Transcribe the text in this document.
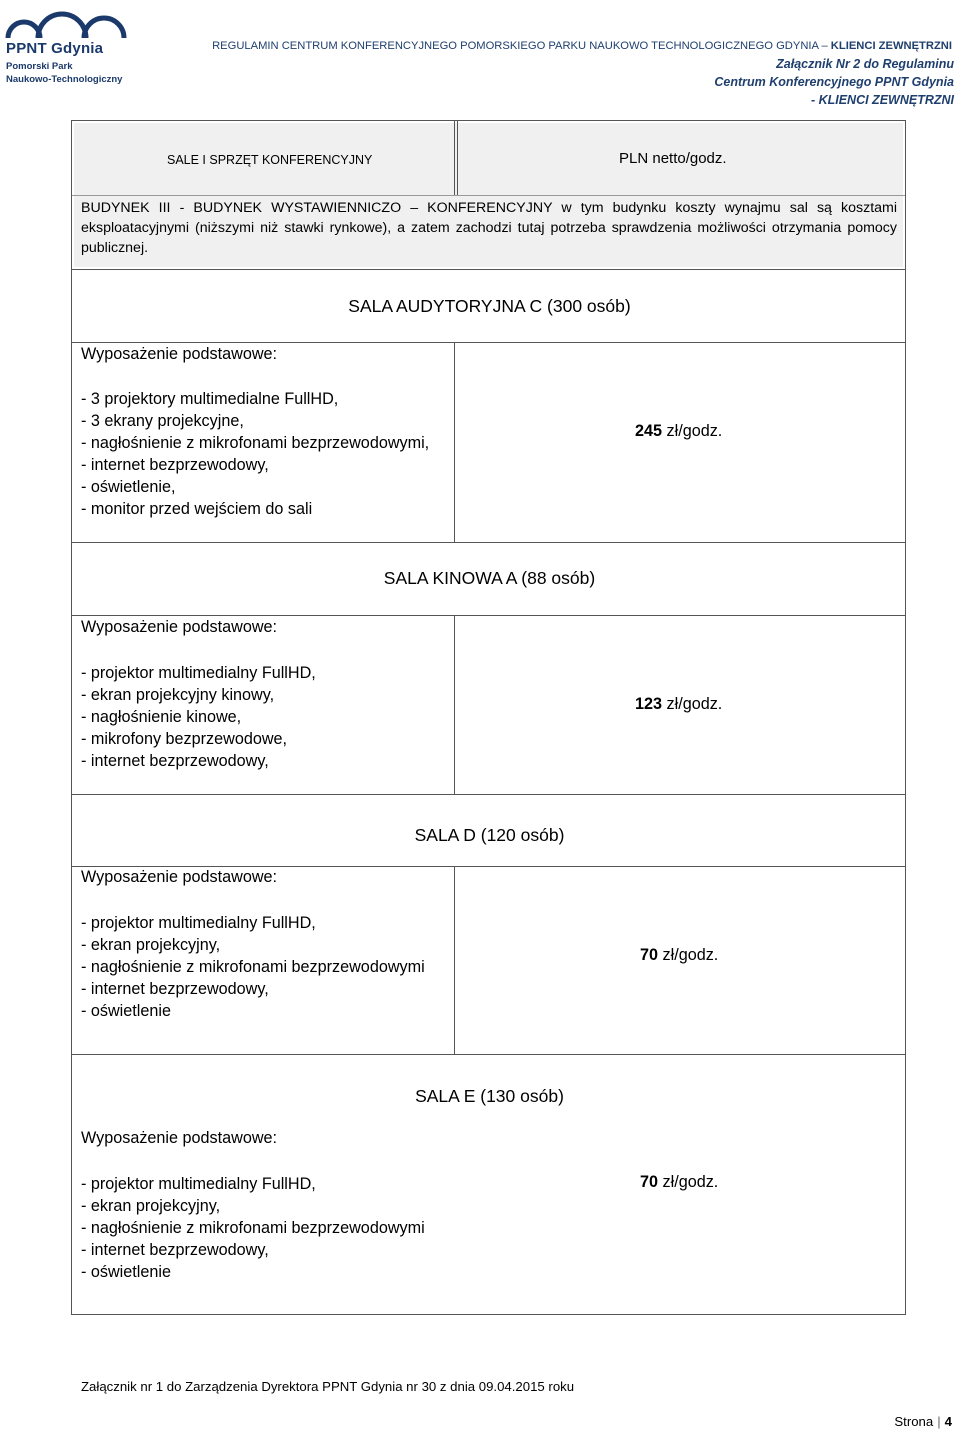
PPNT Gdynia
Pomorski Park
Naukowo-Technologiczny
REGULAMIN CENTRUM KONFERENCYJNEGO POMORSKIEGO PARKU NAUKOWO TECHNOLOGICZNEGO GDYNIA – KLIENCI ZEWNĘTRZNI
Załącznik Nr 2 do Regulaminu
Centrum Konferencyjnego PPNT Gdynia
- KLIENCI ZEWNĘTRZNI
SALE I SPRZĘT KONFERENCYJNY	PLN netto/godz.
BUDYNEK III - BUDYNEK WYSTAWIENNICZO – KONFERENCYJNY w tym budynku koszty wynajmu sal są kosztami eksploatacyjnymi (niższymi niż stawki rynkowe), a zatem zachodzi tutaj potrzeba sprawdzenia możliwości otrzymania pomocy publicznej.
SALA AUDYTORYJNA C (300 osób)
Wyposażenie podstawowe:
- 3 projektory multimedialne FullHD,
- 3 ekrany projekcyjne,
- nagłośnienie z mikrofonami bezprzewodowymi,
- internet bezprzewodowy,
- oświetlenie,
- monitor przed wejściem do sali
245 zł/godz.
SALA KINOWA A (88 osób)
Wyposażenie podstawowe:
- projektor multimedialny FullHD,
- ekran projekcyjny kinowy,
- nagłośnienie kinowe,
- mikrofony bezprzewodowe,
- internet bezprzewodowy,
123 zł/godz.
SALA D (120 osób)
Wyposażenie podstawowe:
- projektor multimedialny FullHD,
- ekran projekcyjny,
- nagłośnienie z mikrofonami bezprzewodowymi
- internet bezprzewodowy,
- oświetlenie
70 zł/godz.
SALA E (130 osób)
Wyposażenie podstawowe:
- projektor multimedialny FullHD,
- ekran projekcyjny,
- nagłośnienie z mikrofonami bezprzewodowymi
- internet bezprzewodowy,
- oświetlenie
70 zł/godz.
Załącznik nr 1 do Zarządzenia Dyrektora PPNT Gdynia nr 30 z dnia 09.04.2015 roku
Strona | 4
